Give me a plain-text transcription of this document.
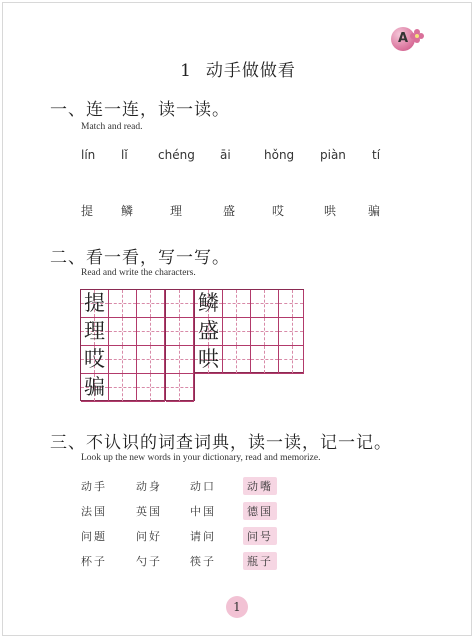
A
1 动手做做看
一、连一连，读一读。
Match and read.
lín lǐ	chéng āi	hǒng piàn tí
提 鳞	理	盛	哎	哄	骗
二、看一看，写一写。
Read and write the characters.
提
理
哎
骗
鳞
盛
哄
三、不认识的词查词典，读一读，记一记。
Look up the new words in your dictionary, read and memorize.
动手	动身	动口	动嘴
法国	英国	中国	德国
问题	问好	请问	问号
杯子	勺子	筷子	瓶子
1
